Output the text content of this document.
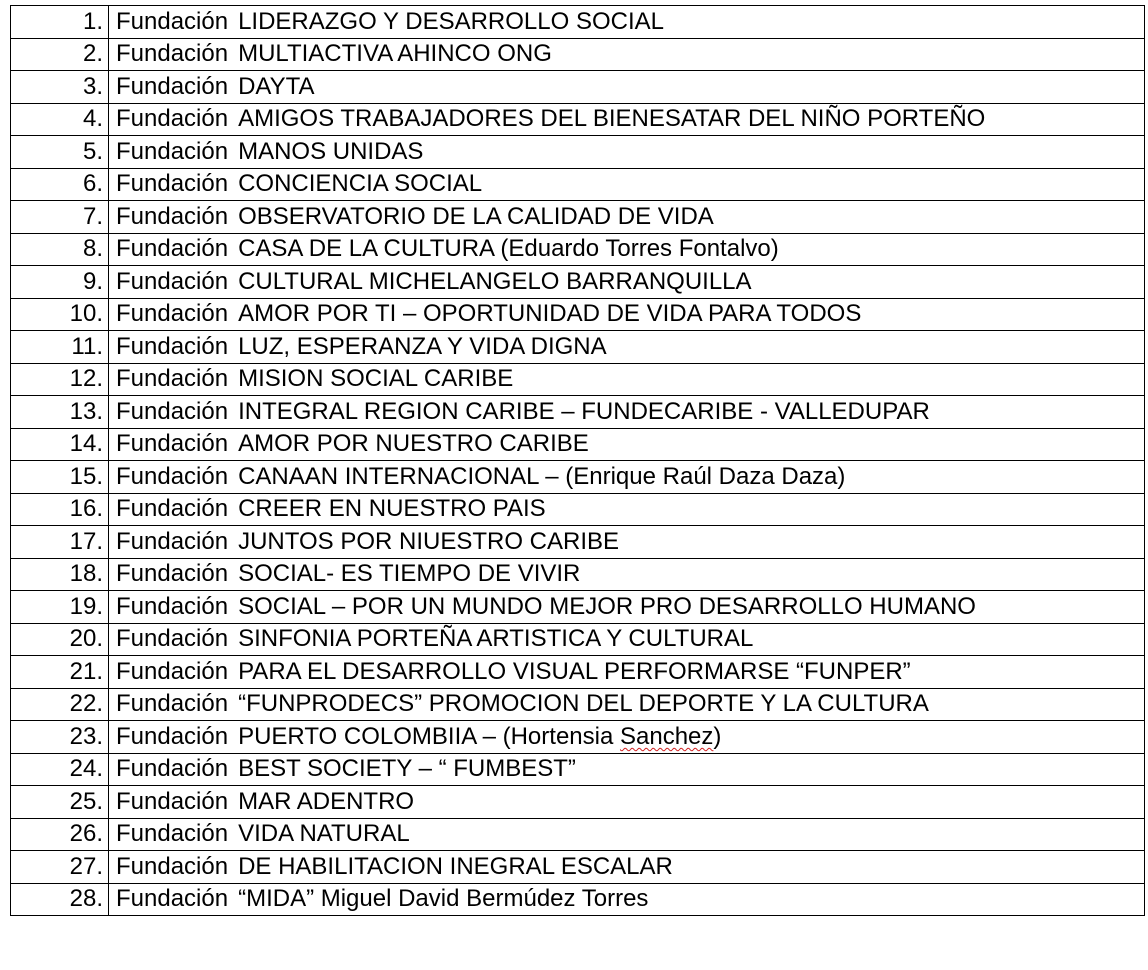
1.	Fundación LIDERAZGO Y DESARROLLO SOCIAL
2.	Fundación MULTIACTIVA AHINCO ONG
3.	Fundación DAYTA
4.	Fundación AMIGOS TRABAJADORES DEL BIENESATAR DEL NIÑO PORTEÑO
5.	Fundación MANOS UNIDAS
6.	Fundación CONCIENCIA SOCIAL
7.	Fundación OBSERVATORIO DE LA CALIDAD DE VIDA
8.	Fundación CASA DE LA CULTURA (Eduardo Torres Fontalvo)
9.	Fundación CULTURAL MICHELANGELO BARRANQUILLA
10.	Fundación AMOR POR TI – OPORTUNIDAD DE VIDA PARA TODOS
11.	Fundación LUZ, ESPERANZA Y VIDA DIGNA
12.	Fundación MISION SOCIAL CARIBE
13.	Fundación INTEGRAL REGION CARIBE – FUNDECARIBE - VALLEDUPAR
14.	Fundación AMOR POR NUESTRO CARIBE
15.	Fundación CANAAN INTERNACIONAL – (Enrique Raúl Daza Daza)
16.	Fundación CREER EN NUESTRO PAIS
17.	Fundación JUNTOS POR NIUESTRO CARIBE
18.	Fundación SOCIAL- ES TIEMPO DE VIVIR
19.	Fundación SOCIAL – POR UN MUNDO MEJOR PRO DESARROLLO HUMANO
20.	Fundación SINFONIA PORTEÑA ARTISTICA Y CULTURAL
21.	Fundación PARA EL DESARROLLO VISUAL PERFORMARSE “FUNPER”
22.	Fundación “FUNPRODECS” PROMOCION DEL DEPORTE Y LA CULTURA
23.	Fundación PUERTO COLOMBIIA – (Hortensia Sanchez)
24.	Fundación BEST SOCIETY – “ FUMBEST”
25.	Fundación MAR ADENTRO
26.	Fundación VIDA NATURAL
27.	Fundación DE HABILITACION INEGRAL ESCALAR
28.	Fundación “MIDA” Miguel David Bermúdez Torres
